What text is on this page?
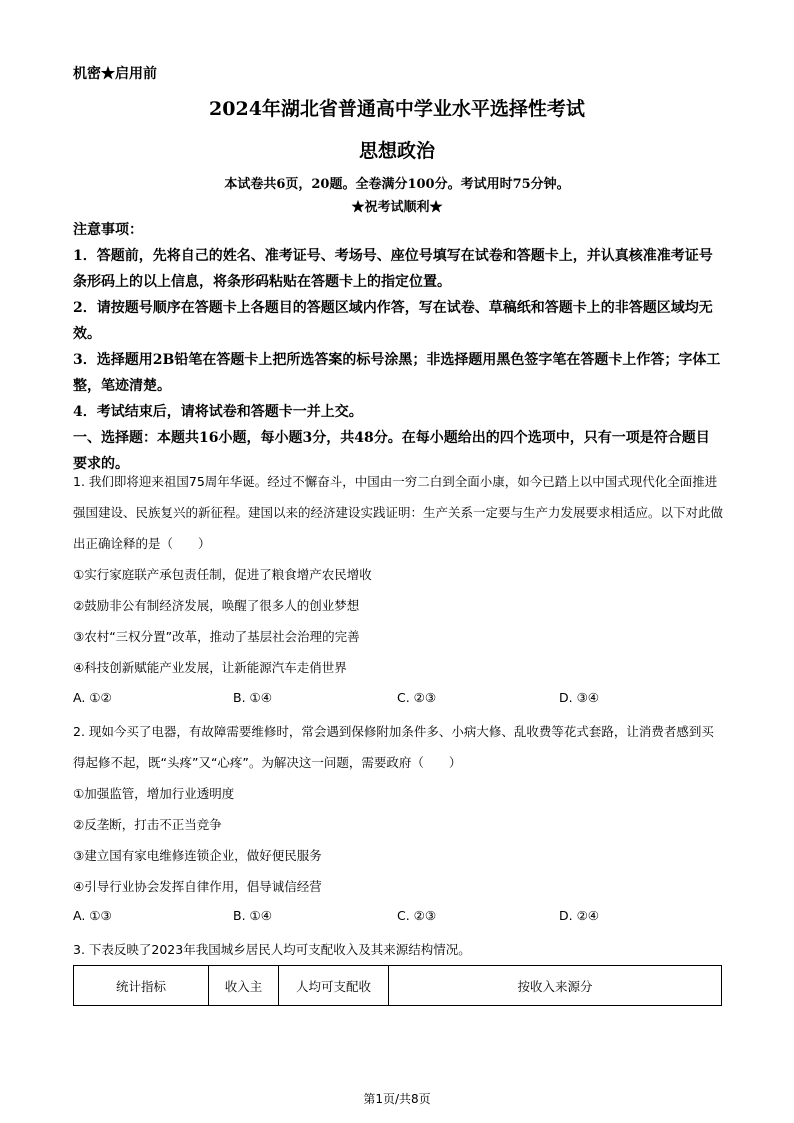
机密★启用前
2024年湖北省普通高中学业水平选择性考试
思想政治
本试卷共6页，20题。全卷满分100分。考试用时75分钟。
★祝考试顺利★

注意事项：

1．答题前，先将自己的姓名、准考证号、考场号、座位号填写在试卷和答题卡上，并认真核准准考证号条形码上的以上信息，将条形码粘贴在答题卡上的指定位置。

2．请按题号顺序在答题卡上各题目的答题区域内作答，写在试卷、草稿纸和答题卡上的非答题区域均无效。

3．选择题用2B铅笔在答题卡上把所选答案的标号涂黑；非选择题用黑色签字笔在答题卡上作答；字体工整，笔迹清楚。

4．考试结束后，请将试卷和答题卡一并上交。

一、选择题：本题共16小题，每小题3分，共48分。在每小题给出的四个选项中，只有一项是符合题目要求的。

1. 我们即将迎来祖国75周年华诞。经过不懈奋斗，中国由一穷二白到全面小康，如今已踏上以中国式现代化全面推进强国建设、民族复兴的新征程。建国以来的经济建设实践证明：生产关系一定要与生产力发展要求相适应。以下对此做出正确诠释的是（　　）

①实行家庭联产承包责任制，促进了粮食增产农民增收

②鼓励非公有制经济发展，唤醒了很多人的创业梦想

③农村“三权分置”改革，推动了基层社会治理的完善

④科技创新赋能产业发展，让新能源汽车走俏世界

A. ①②	B. ①④	C. ②③	D. ③④

2. 现如今买了电器，有故障需要维修时，常会遇到保修附加条件多、小病大修、乱收费等花式套路，让消费者感到买得起修不起，既“头疼”又“心疼”。为解决这一问题，需要政府（　　）

①加强监管，增加行业透明度

②反垄断，打击不正当竞争

③建立国有家电维修连锁企业，做好便民服务

④引导行业协会发挥自律作用，倡导诚信经营

A. ①③	B. ①④	C. ②③	D. ②④

3. 下表反映了2023年我国城乡居民人均可支配收入及其来源结构情况。

统计指标	收入主	人均可支配收	按收入来源分
第1页/共8页
